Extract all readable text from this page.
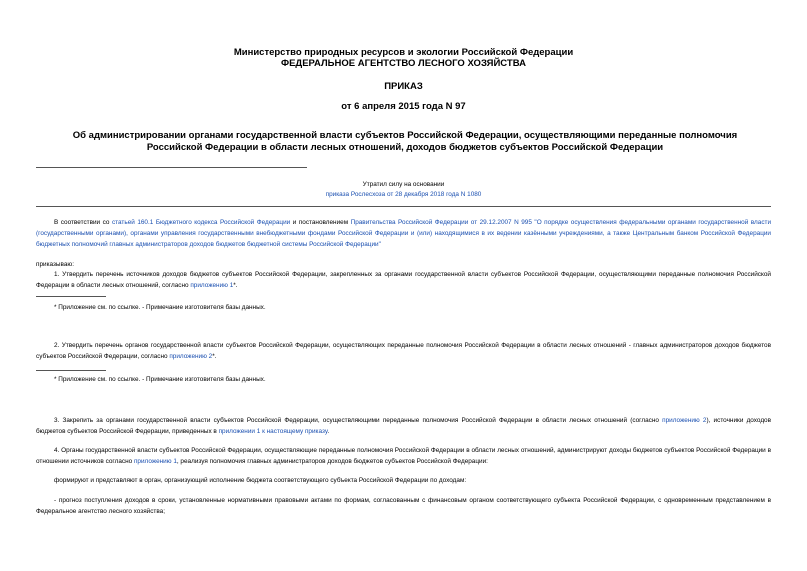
Министерство природных ресурсов и экологии Российской Федерации
ФЕДЕРАЛЬНОЕ АГЕНТСТВО ЛЕСНОГО ХОЗЯЙСТВА
ПРИКАЗ
от 6 апреля 2015 года N 97
Об администрировании органами государственной власти субъектов Российской Федерации, осуществляющими переданные полномочия Российской Федерации в области лесных отношений, доходов бюджетов субъектов Российской Федерации
Утратил силу на основании
приказа Рослесхоза от 28 декабря 2018 года N 1080
В соответствии со статьей 160.1 Бюджетного кодекса Российской Федерации и постановлением Правительства Российской Федерации от 29.12.2007 N 995 "О порядке осуществления федеральными органами государственной власти (государственными органами), органами управления государственными внебюджетными фондами Российской Федерации и (или) находящимися в их ведении казёнными учреждениями, а также Центральным банком Российской Федерации бюджетных полномочий главных администраторов доходов бюджетов бюджетной системы Российской Федерации"
приказываю:
1. Утвердить перечень источников доходов бюджетов субъектов Российской Федерации, закрепленных за органами государственной власти субъектов Российской Федерации, осуществляющими переданные полномочия Российской Федерации в области лесных отношений, согласно приложению 1*.
* Приложение см. по ссылке. - Примечание изготовителя базы данных.
2. Утвердить перечень органов государственной власти субъектов Российской Федерации, осуществляющих переданные полномочия Российской Федерации в области лесных отношений - главных администраторов доходов бюджетов субъектов Российской Федерации, согласно приложению 2*.
* Приложение см. по ссылке. - Примечание изготовителя базы данных.
3. Закрепить за органами государственной власти субъектов Российской Федерации, осуществляющими переданные полномочия Российской Федерации в области лесных отношений (согласно приложению 2), источники доходов бюджетов субъектов Российской Федерации, приведенных в приложении 1 к настоящему приказу.
4. Органы государственной власти субъектов Российской Федерации, осуществляющие переданные полномочия Российской Федерации в области лесных отношений, администрируют доходы бюджетов субъектов Российской Федерации в отношении источников согласно приложению 1, реализуя полномочия главных администраторов доходов бюджетов субъектов Российской Федерации:
формируют и представляют в орган, организующий исполнение бюджета соответствующего субъекта Российской Федерации по доходам:
- прогноз поступления доходов в сроки, установленные нормативными правовыми актами по формам, согласованным с финансовым органом соответствующего субъекта Российской Федерации, с одновременным представлением в Федеральное агентство лесного хозяйства;
